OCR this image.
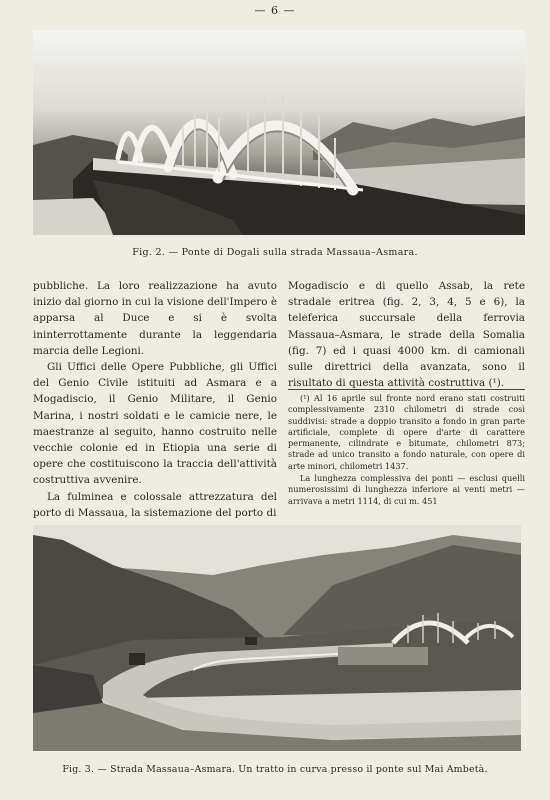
— 6 —
Fig. 2. — Ponte di Dogali sulla strada Massaua–Asmara.

pubbliche. La loro realizzazione ha avuto inizio dal giorno in cui la visione dell'Impero è apparsa al Duce e si è svolta ininterrottamente durante la leggendaria marcia delle Legioni.

Gli Uffici delle Opere Pubbliche, gli Uffici del Genio Civile istituiti ad Asmara e a Mogadiscio, il Genio Militare, il Genio Marina, i nostri soldati e le camicie nere, le maestranze al seguito, hanno costruito nelle vecchie colonie ed in Etiopia una serie di opere che costituiscono la traccia dell'attività costruttiva avvenire.

La fulminea e colossale attrezzatura del porto di Massaua, la sistemazione del porto di

Mogadiscio e di quello Assab, la rete stradale eritrea (fig. 2, 3, 4, 5 e 6), la teleferica succursale della ferrovia Massaua–Asmara, le strade della Somalia (fig. 7) ed i quasi 4000 km. di camionali sulle direttrici della avanzata, sono il risultato di questa attività costruttiva (¹).

(¹) Al 16 aprile sul fronte nord erano stati costruiti complessivamente 2310 chilometri di strade così suddivisi: strade a doppio transito a fondo in gran parte artificiale, complete di opere d'arte di carattere permanente, cilindrate e bitumate, chilometri 873; strade ad unico transito a fondo naturale, con opere di arte minori, chilometri 1437.

La lunghezza complessiva dei ponti — esclusi quelli numerosissimi di lunghezza inferiore ai venti metri — arrivava a metri 1114, di cui m. 451

Fig. 3. — Strada Massaua–Asmara. Un tratto in curva presso il ponte sul Mai Ambetà.
